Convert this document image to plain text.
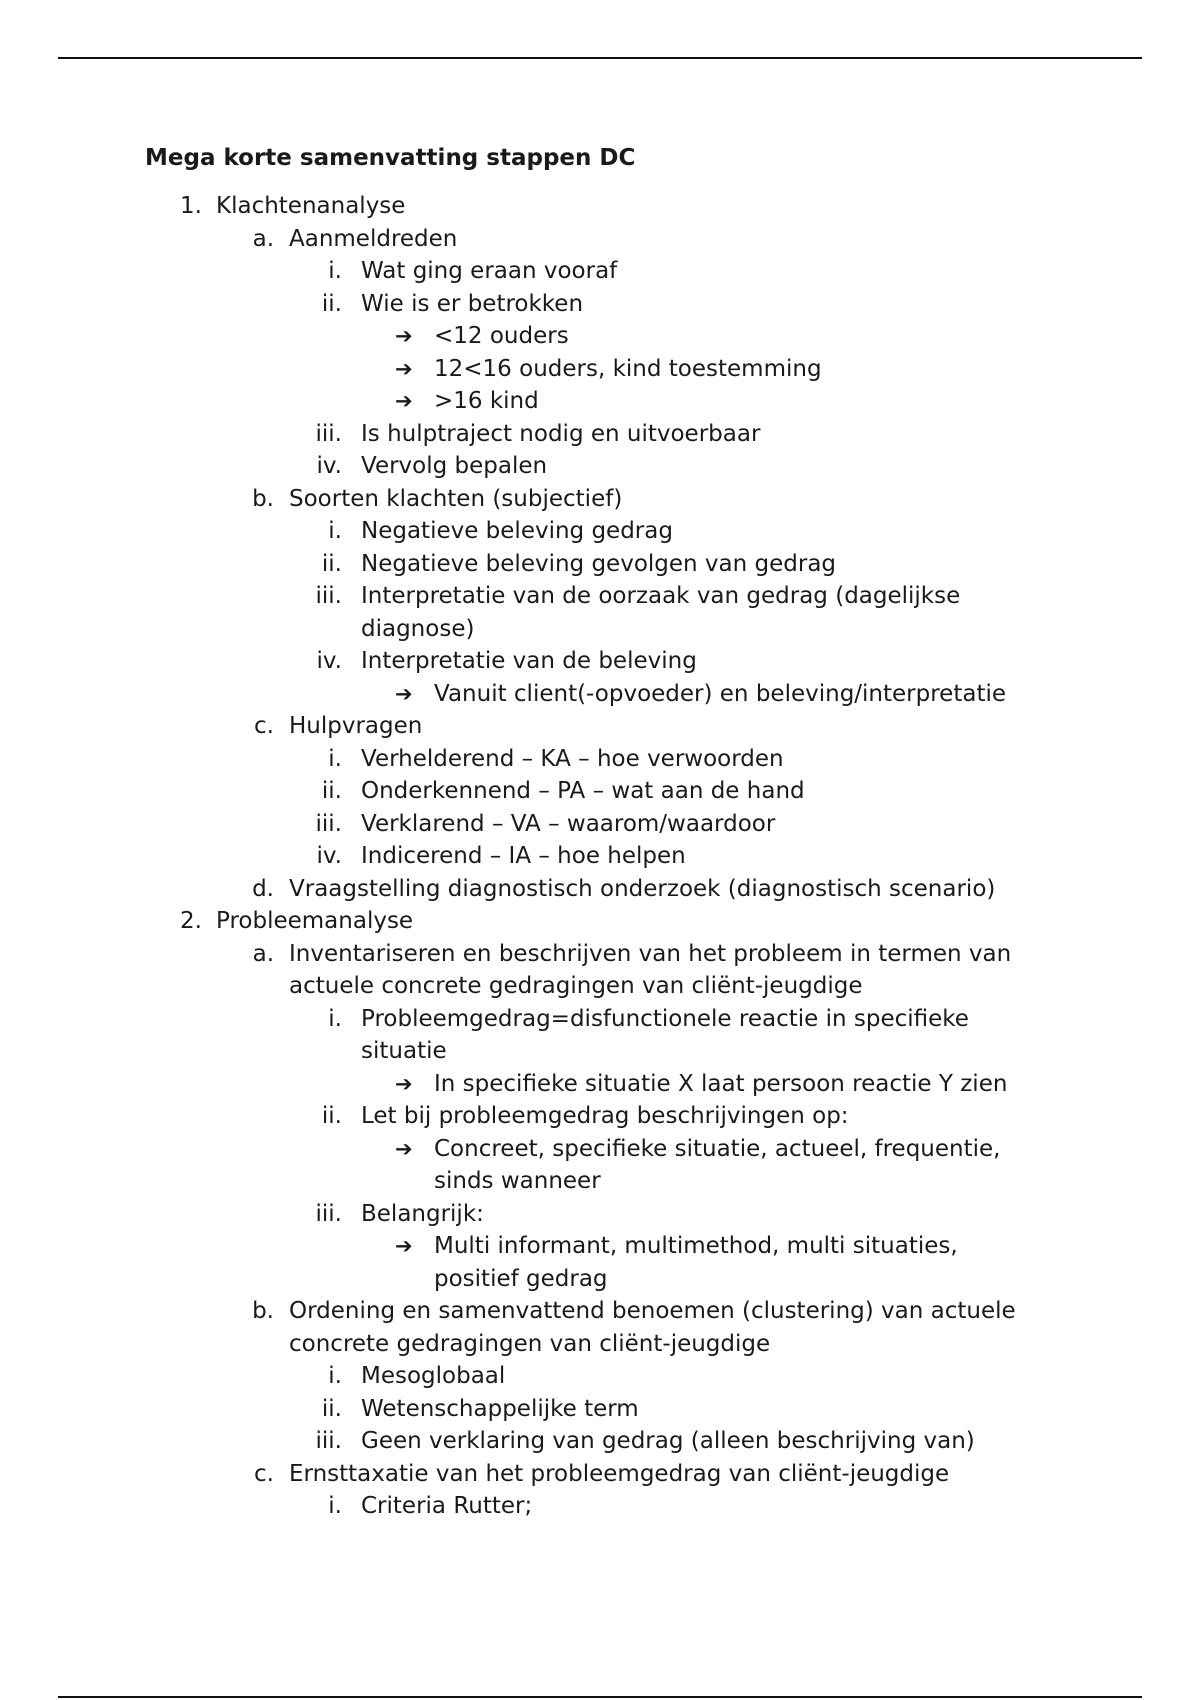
Mega korte samenvatting stappen DC
1. Klachtenanalyse
a. Aanmeldreden
i. Wat ging eraan vooraf
ii. Wie is er betrokken
➔ <12 ouders
➔ 12<16 ouders, kind toestemming
➔ >16 kind
iii. Is hulptraject nodig en uitvoerbaar
iv. Vervolg bepalen
b. Soorten klachten (subjectief)
i. Negatieve beleving gedrag
ii. Negatieve beleving gevolgen van gedrag
iii. Interpretatie van de oorzaak van gedrag (dagelijkse
diagnose)
iv. Interpretatie van de beleving
➔ Vanuit client(-opvoeder) en beleving/interpretatie
c. Hulpvragen
i. Verhelderend – KA – hoe verwoorden
ii. Onderkennend – PA – wat aan de hand
iii. Verklarend – VA – waarom/waardoor
iv. Indicerend – IA – hoe helpen
d. Vraagstelling diagnostisch onderzoek (diagnostisch scenario)
2. Probleemanalyse
a. Inventariseren en beschrijven van het probleem in termen van
actuele concrete gedragingen van cliënt-jeugdige
i. Probleemgedrag=disfunctionele reactie in specifieke
situatie
➔ In specifieke situatie X laat persoon reactie Y zien
ii. Let bij probleemgedrag beschrijvingen op:
➔ Concreet, specifieke situatie, actueel, frequentie,
sinds wanneer
iii. Belangrijk:
➔ Multi informant, multimethod, multi situaties,
positief gedrag
b. Ordening en samenvattend benoemen (clustering) van actuele
concrete gedragingen van cliënt-jeugdige
i. Mesoglobaal
ii. Wetenschappelijke term
iii. Geen verklaring van gedrag (alleen beschrijving van)
c. Ernsttaxatie van het probleemgedrag van cliënt-jeugdige
i. Criteria Rutter;
